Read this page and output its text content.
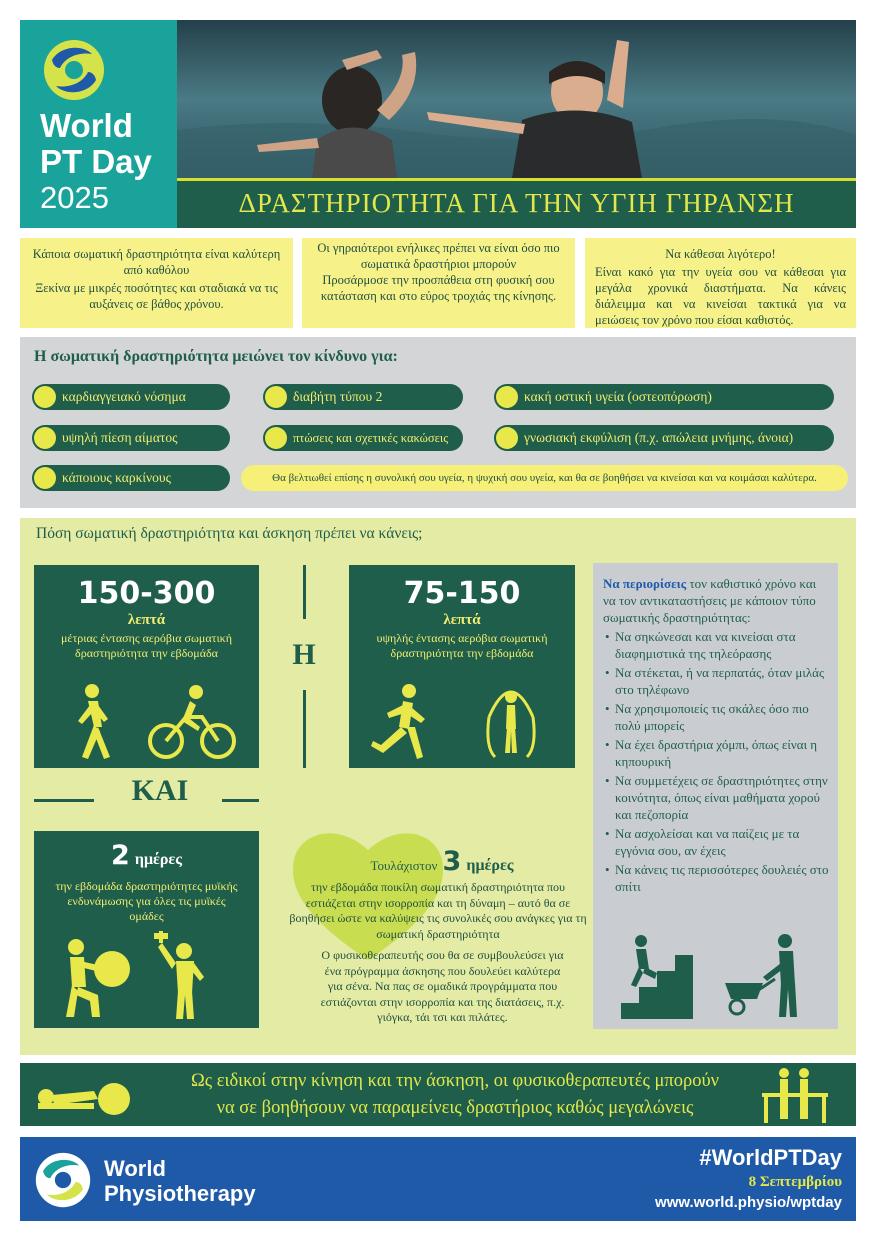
World
PT Day
2025	ΔΡΑΣΤΗΡΙΟΤΗΤΑ ΓΙΑ ΤΗΝ ΥΓΙΗ ΓΗΡΑΝΣΗ
Κάποια σωματική δραστηριότητα είναι καλύτερη από καθόλου
Ξεκίνα με μικρές ποσότητες και σταδιακά να τις αυξάνεις σε βάθος χρόνου.
Οι γηραιότεροι ενήλικες πρέπει να είναι όσο πιο σωματικά δραστήριοι μπορούν
Προσάρμοσε την προσπάθεια στη φυσική σου κατάσταση και στο εύρος τροχιάς της κίνησης.
Να κάθεσαι λιγότερο!
Είναι κακό για την υγεία σου να κάθεσαι για μεγάλα χρονικά διαστήματα. Να κάνεις διάλειμμα και να κινείσαι τακτικά για να μειώσεις τον χρόνο που είσαι καθιστός.
Η σωματική δραστηριότητα μειώνει τον κίνδυνο για:
καρδιαγγειακό νόσημα	διαβήτη τύπου 2	κακή οστική υγεία (οστεοπόρωση)
υψηλή πίεση αίματος	πτώσεις και σχετικές κακώσεις	γνωσιακή εκφύλιση (π.χ. απώλεια μνήμης, άνοια)
κάποιους καρκίνους	Θα βελτιωθεί επίσης η συνολική σου υγεία, η ψυχική σου υγεία, και θα σε βοηθήσει να κινείσαι και να κοιμάσαι καλύτερα.
Πόση σωματική δραστηριότητα και άσκηση πρέπει να κάνεις;
150-300
λεπτά
μέτριας έντασης αερόβια σωματική δραστηριότητα την εβδομάδα	Η
75-150
λεπτά
υψηλής έντασης αερόβια σωματική δραστηριότητα την εβδομάδα
ΚΑΙ
2 ημέρες
την εβδομάδα δραστηριότητες μυϊκής ενδυνάμωσης για όλες τις μυϊκές ομάδες
Τουλάχιστον 3 ημέρες
την εβδομάδα ποικίλη σωματική δραστηριότητα που εστιάζεται στην ισορροπία και τη δύναμη – αυτό θα σε βοηθήσει ώστε να καλύψεις τις συνολικές σου ανάγκες για τη σωματική δραστηριότητα
Ο φυσικοθεραπευτής σου θα σε συμβουλεύσει για ένα πρόγραμμα άσκησης που δουλεύει καλύτερα για σένα. Να πας σε ομαδικά προγράμματα που εστιάζονται στην ισορροπία και της διατάσεις, π.χ. γιόγκα, τάι τσι και πιλάτες.
Να περιορίσεις τον καθιστικό χρόνο και να τον αντικαταστήσεις με κάποιον τύπο σωματικής δραστηριότητας:
• Να σηκώνεσαι και να κινείσαι στα διαφημιστικά της τηλεόρασης
• Να στέκεται, ή να περπατάς, όταν μιλάς στο τηλέφωνο
• Να χρησιμοποιείς τις σκάλες όσο πιο πολύ μπορείς
• Να έχει δραστήρια χόμπι, όπως είναι η κηπουρική
• Να συμμετέχεις σε δραστηριότητες στην κοινότητα, όπως είναι μαθήματα χορού και πεζοπορία
• Να ασχολείσαι και να παίζεις με τα εγγόνια σου, αν έχεις
• Να κάνεις τις περισσότερες δουλειές στο σπίτι
Ως ειδικοί στην κίνηση και την άσκηση, οι φυσικοθεραπευτές μπορούν
να σε βοηθήσουν να παραμείνεις δραστήριος καθώς μεγαλώνεις
World
Physiotherapy
#WorldPTDay
8 Σεπτεμβρίου
www.world.physio/wptday
